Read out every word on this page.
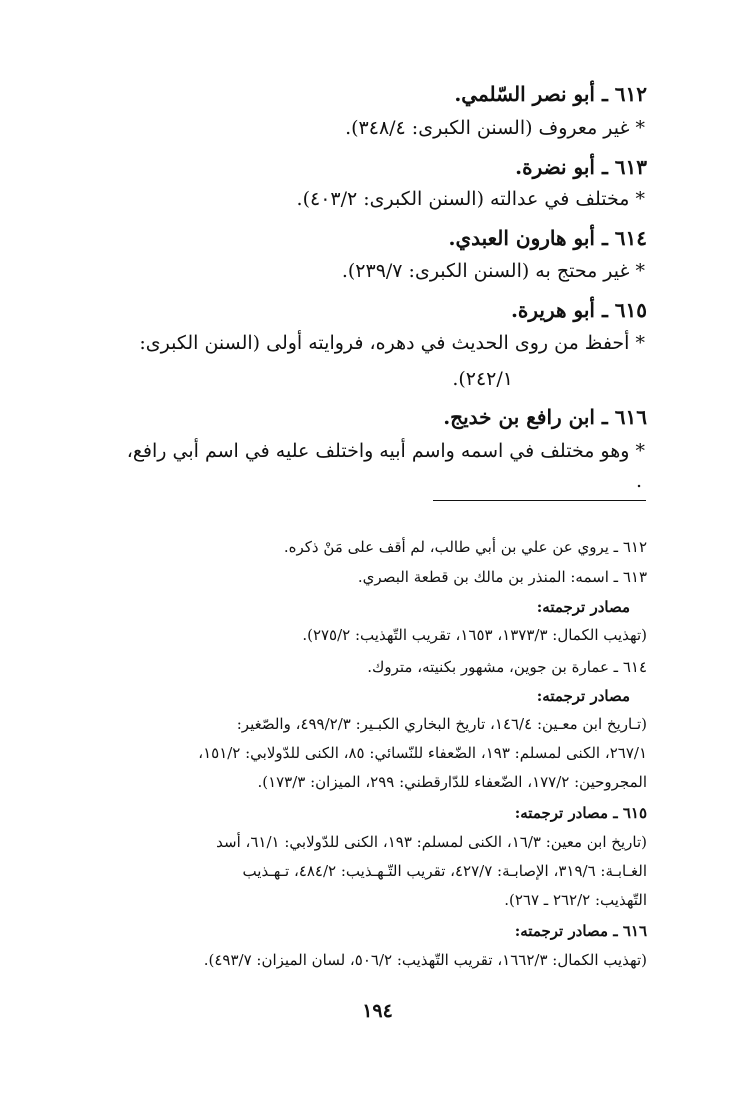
٦١٢ ـ أبو نصر السّلمي.
* غير معروف (السنن الكبرى: ٣٤٨/٤).
٦١٣ ـ أبو نضرة.
* مختلف في عدالته (السنن الكبرى: ٤٠٣/٢).
٦١٤ ـ أبو هارون العبدي.
* غير محتج به (السنن الكبرى: ٢٣٩/٧).
٦١٥ ـ أبو هريرة.
* أحفظ من روى الحديث في دهره، فروايته أولى (السنن الكبرى:
٢٤٢/١).
٦١٦ ـ ابن رافع بن خديج.
* وهو مختلف في اسمه واسم أبيه واختلف عليه في اسم أبي رافع،
.
٦١٢ ـ يروي عن علي بن أبي طالب، لم أقف على مَنْ ذكره.
٦١٣ ـ اسمه: المنذر بن مالك بن قطعة البصري.
مصادر ترجمته:
(تهذيب الكمال: ١٣٧٣/٣، ١٦٥٣، تقريب التّهذيب: ٢٧٥/٢).
٦١٤ ـ عمارة بن جوين، مشهور بكنيته، متروك.
مصادر ترجمته:
(تـاريخ ابن معـين: ١٤٦/٤، تاريخ البخاري الكبـير: ٤٩٩/٢/٣، والصّغير:
٢٦٧/١، الكنى لمسلم: ١٩٣، الضّعفاء للنّسائي: ٨٥، الكنى للدّولابي: ١٥١/٢،
المجروحين: ١٧٧/٢، الضّعفاء للدّارقطني: ٢٩٩، الميزان: ١٧٣/٣).
٦١٥ ـ مصادر ترجمته:
(تاريخ ابن معين: ١٦/٣، الكنى لمسلم: ١٩٣، الكنى للدّولابي: ٦١/١، أسد
الغـابـة: ٣١٩/٦، الإصابـة: ٤٢٧/٧، تقريب التّـهـذيب: ٤٨٤/٢، تـهـذيب
التّهذيب: ٢٦٢/٢ ـ ٢٦٧).
٦١٦ ـ مصادر ترجمته:
(تهذيب الكمال: ١٦٦٢/٣، تقريب التّهذيب: ٥٠٦/٢، لسان الميزان: ٤٩٣/٧).
١٩٤
